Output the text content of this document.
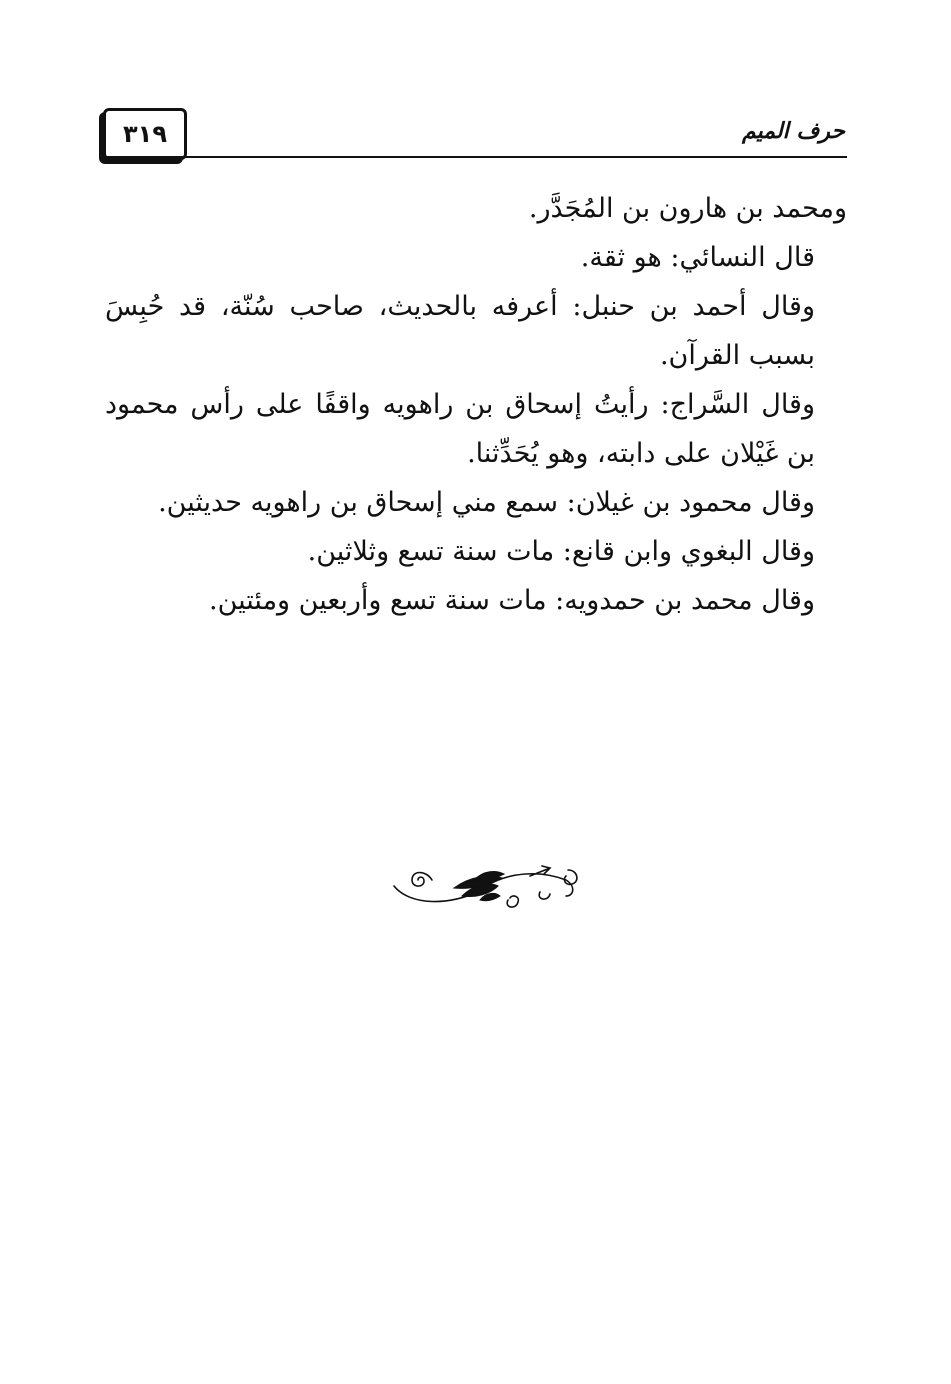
٣١٩	حرف الميم

ومحمد بن هارون بن المُجَدَّر.

قال النسائي: هو ثقة.

وقال أحمد بن حنبل: أعرفه بالحديث، صاحب سُنّة، قد حُبِسَ بسبب القرآن.

وقال السَّراج: رأيتُ إسحاق بن راهويه واقفًا على رأس محمود بن غَيْلان على دابته، وهو يُحَدِّثنا.

وقال محمود بن غيلان: سمع مني إسحاق بن راهويه حديثين.

وقال البغوي وابن قانع: مات سنة تسع وثلاثين.

وقال محمد بن حمدويه: مات سنة تسع وأربعين ومئتين.
